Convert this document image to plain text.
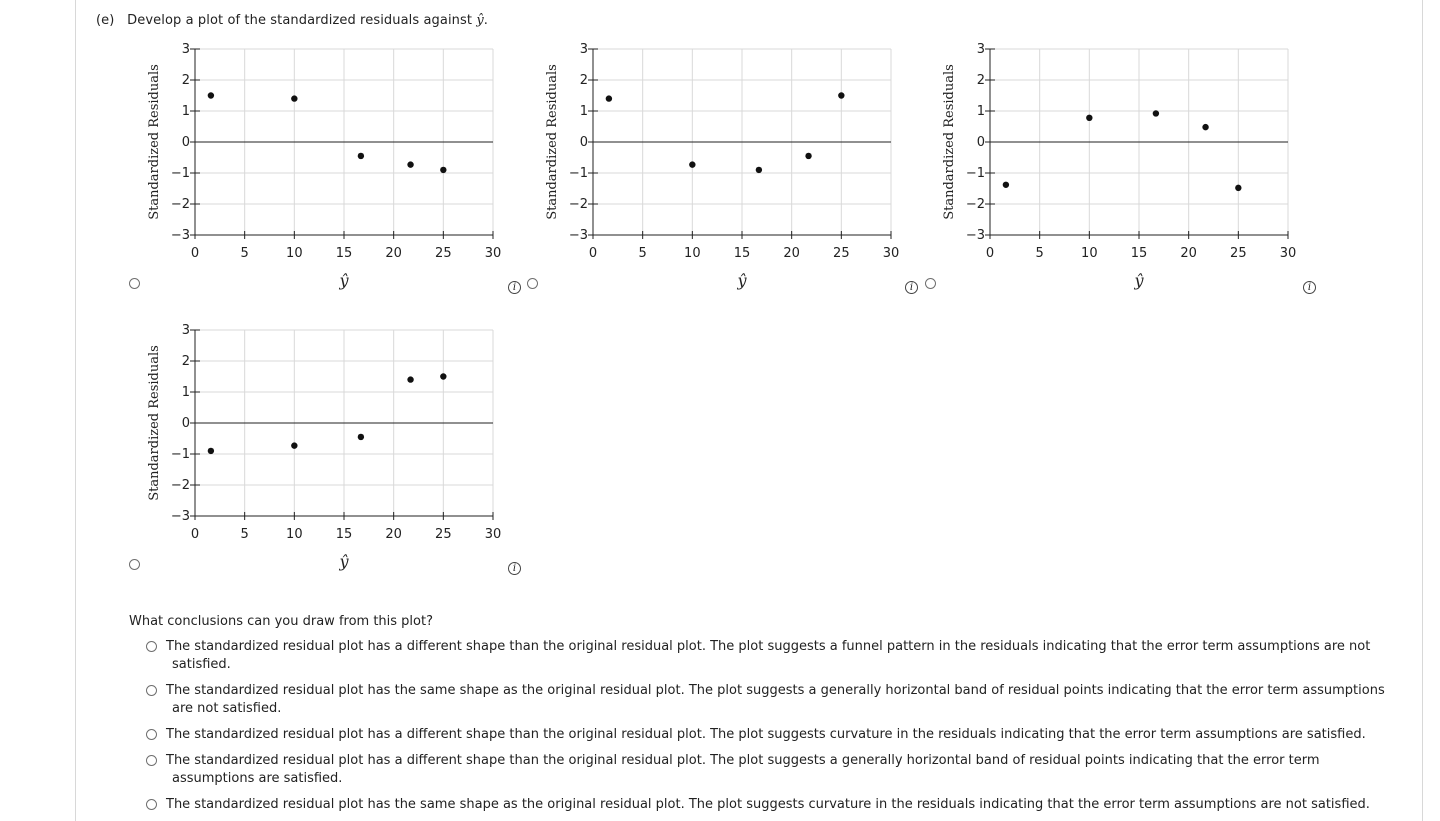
(e) Develop a plot of the standardized residuals against ŷ.
3
2
1
0
−1
−2
−3
0	5	10	15	20	25	30
Standardized Residuals
ŷ	i
3
2
1
0
−1
−2
−3
0	5	10	15	20	25	30
Standardized Residuals
ŷ	i
3
2
1
0
−1
−2
−3
0	5	10	15	20	25	30
Standardized Residuals
ŷ	i
3
2
1
0
−1
−2
−3
0	5	10	15	20	25	30
Standardized Residuals
ŷ	i
What conclusions can you draw from this plot?
The standardized residual plot has a different shape than the original residual plot. The plot suggests a funnel pattern in the residuals indicating that the error term assumptions are not
satisfied.
The standardized residual plot has the same shape as the original residual plot. The plot suggests a generally horizontal band of residual points indicating that the error term assumptions
are not satisfied.
The standardized residual plot has a different shape than the original residual plot. The plot suggests curvature in the residuals indicating that the error term assumptions are satisfied.
The standardized residual plot has a different shape than the original residual plot. The plot suggests a generally horizontal band of residual points indicating that the error term
assumptions are satisfied.
The standardized residual plot has the same shape as the original residual plot. The plot suggests curvature in the residuals indicating that the error term assumptions are not satisfied.
